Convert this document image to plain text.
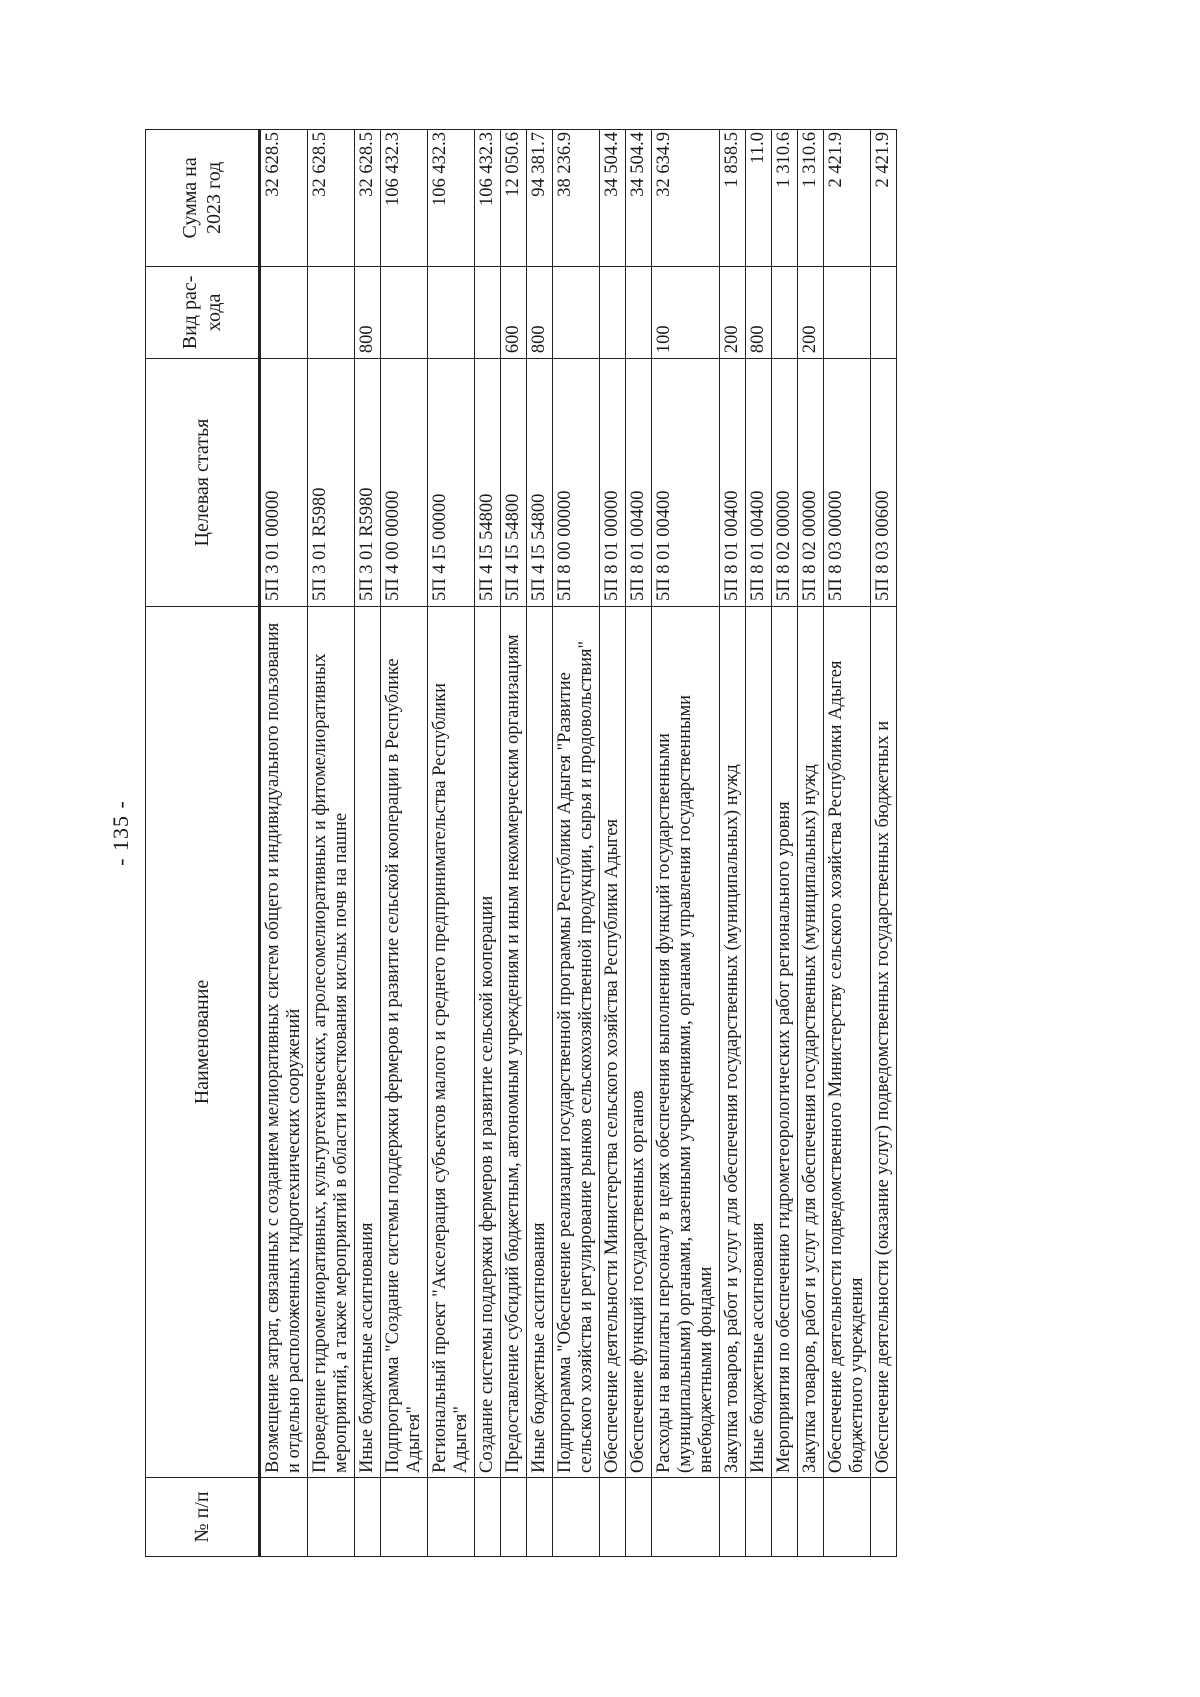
- 135 -
№ п/п	Наименование	Целевая статья	Вид рас-хода	Сумма на 2023 год
	Возмещение затрат, связанных с созданием мелиоративных систем общего и индивидуального пользования и отдельно расположенных гидротехнических сооружений	5П 3 01 00000		32 628.5
	Проведение гидромелиоративных, культуртехнических, агролесомелиоративных и фитомелиоративных мероприятий, а также мероприятий в области известкования кислых почв на пашне	5П 3 01 R5980		32 628.5
	Иные бюджетные ассигнования	5П 3 01 R5980	800	32 628.5
	Подпрограмма "Создание системы поддержки фермеров и развитие сельской кооперации в Республике Адыгея"	5П 4 00 00000		106 432.3
	Региональный проект "Акселерация субъектов малого и среднего предпринимательства Республики Адыгея"	5П 4 I5 00000		106 432.3
	Создание системы поддержки фермеров и развитие сельской кооперации	5П 4 I5 54800		106 432.3
	Предоставление субсидий бюджетным, автономным учреждениям и иным некоммерческим организациям	5П 4 I5 54800	600	12 050.6
	Иные бюджетные ассигнования	5П 4 I5 54800	800	94 381.7
	Подпрограмма "Обеспечение реализации государственной программы Республики Адыгея "Развитие сельского хозяйства и регулирование рынков сельскохозяйственной продукции, сырья и продовольствия"	5П 8 00 00000		38 236.9
	Обеспечение деятельности Министерства сельского хозяйства Республики Адыгея	5П 8 01 00000		34 504.4
	Обеспечение функций государственных органов	5П 8 01 00400		34 504.4
	Расходы на выплаты персоналу в целях обеспечения выполнения функций государственными (муниципальными) органами, казенными учреждениями, органами управления государственными внебюджетными фондами	5П 8 01 00400	100	32 634.9
	Закупка товаров, работ и услуг для обеспечения государственных (муниципальных) нужд	5П 8 01 00400	200	1 858.5
	Иные бюджетные ассигнования	5П 8 01 00400	800	11.0
	Мероприятия по обеспечению гидрометеорологических работ регионального уровня	5П 8 02 00000		1 310.6
	Закупка товаров, работ и услуг для обеспечения государственных (муниципальных) нужд	5П 8 02 00000	200	1 310.6
	Обеспечение деятельности подведомственного Министерству сельского хозяйства Республики Адыгея бюджетного учреждения	5П 8 03 00000		2 421.9
	Обеспечение деятельности (оказание услуг) подведомственных государственных бюджетных и	5П 8 03 00600		2 421.9
